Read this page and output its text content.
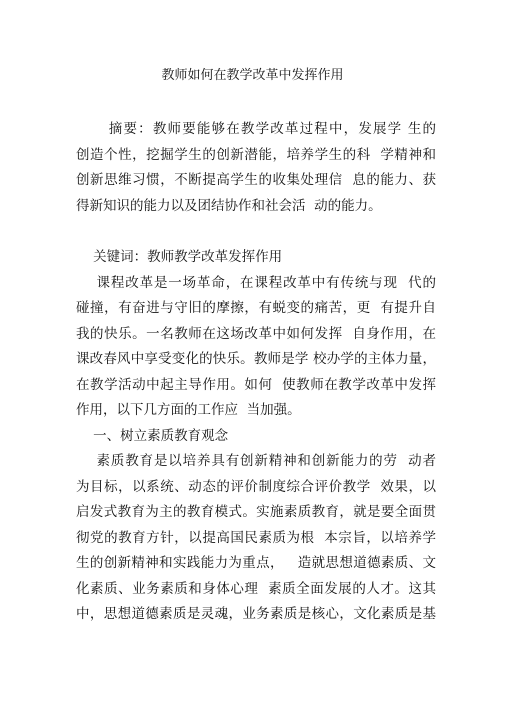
教师如何在教学改革中发挥作用
摘要：教师要能够在教学改革过程中，发展学 生的
创造个性，挖掘学生的创新潜能，培养学生的科  学精神和
创新思维习惯，不断提高学生的收集处理信  息的能力、获
得新知识的能力以及团结协作和社会活  动的能力。
关键词：教师教学改革发挥作用
课程改革是一场革命，在课程改革中有传统与现  代的
碰撞，有奋进与守旧的摩擦，有蜕变的痛苦，更  有提升自
我的快乐。一名教师在这场改革中如何发挥  自身作用，在
课改春风中享受变化的快乐。教师是学 校办学的主体力量，
在教学活动中起主导作用。如何  使教师在教学改革中发挥
作用，以下几方面的工作应  当加强。
一、树立素质教育观念
素质教育是以培养具有创新精神和创新能力的劳  动者
为目标，以系统、动态的评价制度综合评价教学  效果，以
启发式教育为主的教育模式。实施素质教育，就是要全面贯
彻党的教育方针，以提高国民素质为根  本宗旨，以培养学
生的创新精神和实践能力为重点，   造就思想道德素质、文
化素质、业务素质和身体心理  素质全面发展的人才。这其
中，思想道德素质是灵魂，业务素质是核心，文化素质是基
